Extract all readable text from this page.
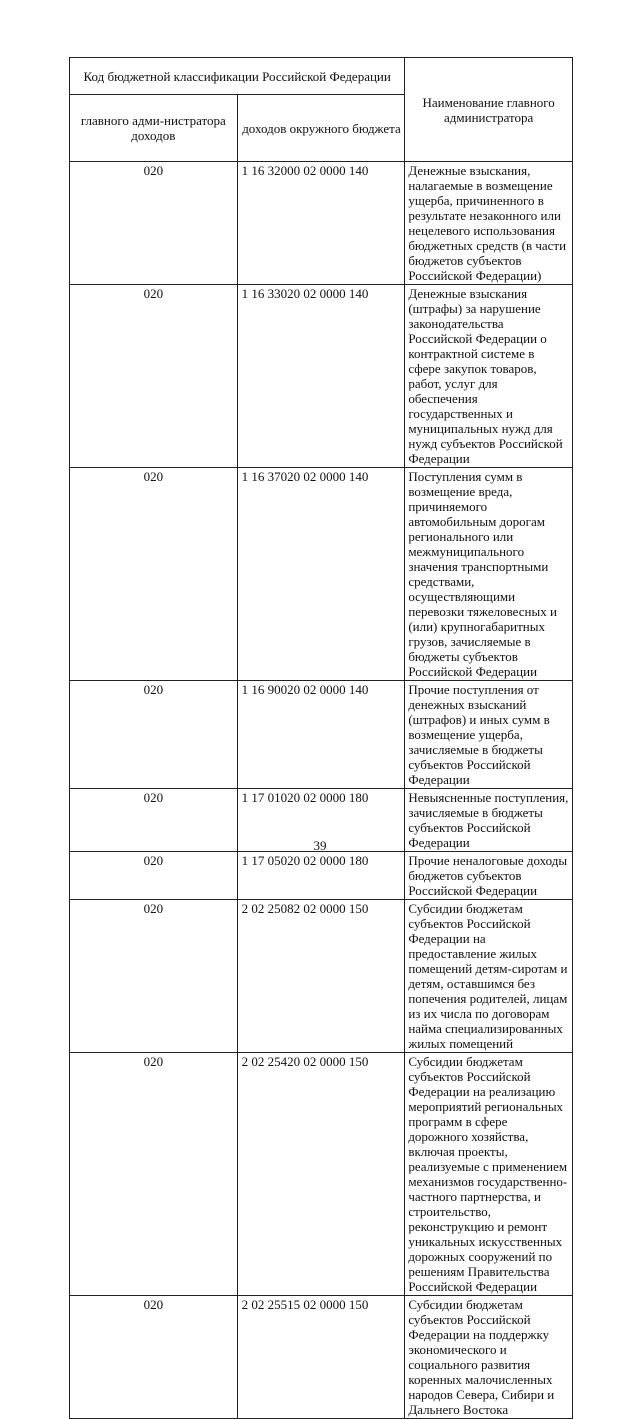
Код бюджетной классификации Российской Федерации		Наименование главного администратора
главного адми-нистратора доходов	доходов окружного бюджета	
020	1 16 32000 02 0000 140	Денежные взыскания, налагаемые в возмещение ущерба, причиненного в результате незаконного или нецелевого использования бюджетных средств (в части бюджетов субъектов Российской Федерации)
020	1 16 33020 02 0000 140	Денежные взыскания (штрафы) за нарушение законодательства Российской Федерации о контрактной системе в сфере закупок товаров, работ, услуг для обеспечения государственных и муниципальных нужд для нужд субъектов Российской Федерации
020	1 16 37020 02 0000 140	Поступления сумм в возмещение вреда, причиняемого автомобильным дорогам регионального или межмуниципального значения транспортными средствами, осуществляющими перевозки тяжеловесных и (или) крупногабаритных грузов, зачисляемые в бюджеты субъектов Российской Федерации
020	1 16 90020 02 0000 140	Прочие поступления от денежных взысканий (штрафов) и иных сумм в возмещение ущерба, зачисляемые в бюджеты субъектов Российской Федерации
020	1 17 01020 02 0000 180	Невыясненные поступления, зачисляемые в бюджеты субъектов Российской Федерации
020	1 17 05020 02 0000 180	Прочие неналоговые доходы бюджетов субъектов Российской Федерации
020	2 02 25082 02 0000 150	Субсидии бюджетам субъектов Российской Федерации на предоставление жилых помещений детям-сиротам и детям, оставшимся без попечения родителей, лицам из их числа по договорам найма специализированных жилых помещений
020	2 02 25420 02 0000 150	Субсидии бюджетам субъектов Российской Федерации на реализацию мероприятий региональных программ в сфере дорожного хозяйства, включая проекты, реализуемые с применением механизмов государственно-частного партнерства, и строительство, реконструкцию и ремонт уникальных искусственных дорожных сооружений по решениям Правительства Российской Федерации
020	2 02 25515 02 0000 150	Субсидии бюджетам субъектов Российской Федерации на поддержку экономического и социального развития коренных малочисленных народов Севера, Сибири и Дальнего Востока
39
